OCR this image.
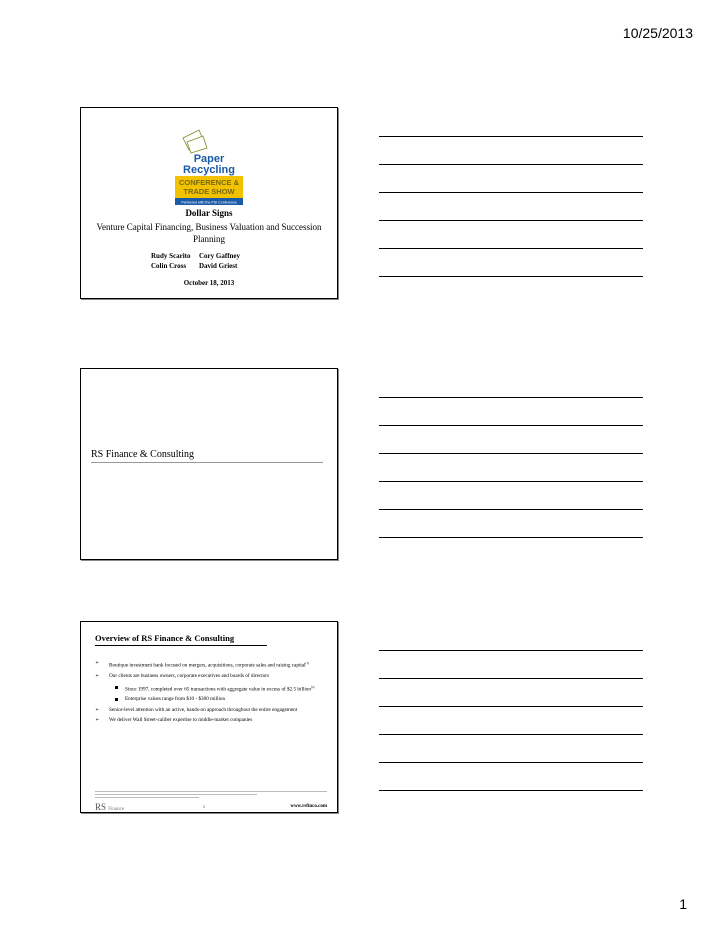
10/25/2013
Paper
Recycling
CONFERENCE &
TRADE SHOW
Partnered with the PSI Conference
Dollar Signs
Venture Capital Financing, Business Valuation and Succession Planning
Rudy Scarito Cory Gaffney
Colin Cross David Griest
October 18, 2013
RS Finance & Consulting
Overview of RS Finance & Consulting
➢ Boutique investment bank focused on mergers, acquisitions, corporate sales and raising capital$^{(1)}$
➢ Our clients are business owners, corporate executives and boards of directors
Since 1997, completed over 65 transactions with aggregate value in excess of $2.5 billion$^{(2)}$
Enterprise values range from $10 - $300 million
➢ Senior-level attention with an active, hands-on approach throughout the entire engagement
➢ We deliver Wall Street-caliber expertise to middle-market companies
RS Finance	3	www.rsfinco.com
1
